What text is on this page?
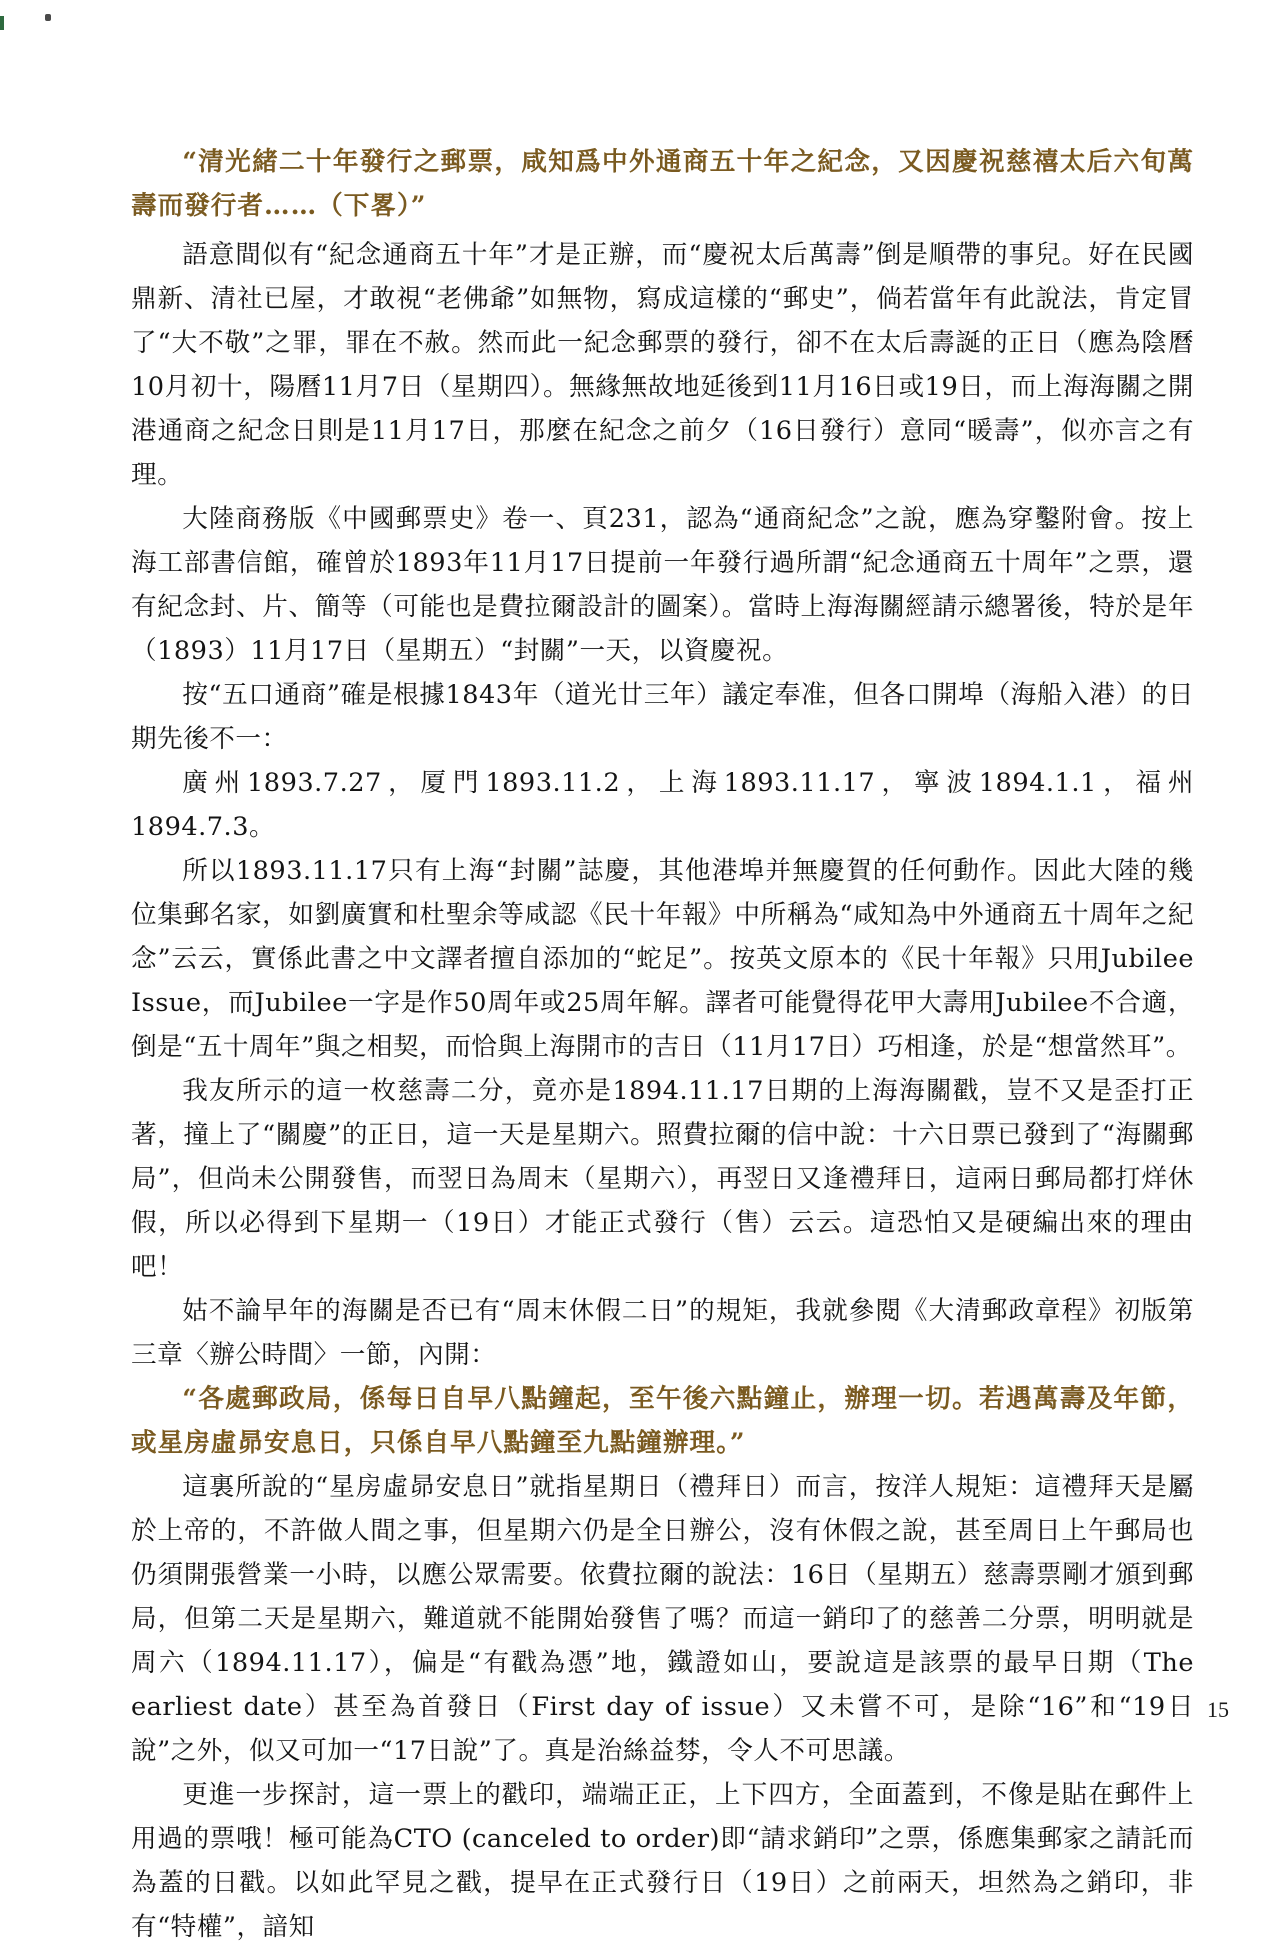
“清光緒二十年發行之郵票，咸知爲中外通商五十年之紀念，又因慶祝慈禧太后六旬萬壽而發行者……（下畧）”

語意間似有“紀念通商五十年”才是正辦，而“慶祝太后萬壽”倒是順帶的事兒。好在民國鼎新、清社已屋，才敢視“老佛爺”如無物，寫成這樣的“郵史”，倘若當年有此說法，肯定冒了“大不敬”之罪，罪在不赦。然而此一紀念郵票的發行，卻不在太后壽誕的正日（應為陰曆10月初十，陽曆11月7日（星期四）。無緣無故地延後到11月16日或19日，而上海海關之開港通商之紀念日則是11月17日，那麼在紀念之前夕（16日發行）意同“暖壽”，似亦言之有理。

大陸商務版《中國郵票史》卷一、頁231，認為“通商紀念”之說，應為穿鑿附會。按上海工部書信館，確曾於1893年11月17日提前一年發行過所謂“紀念通商五十周年”之票，還有紀念封、片、簡等（可能也是費拉爾設計的圖案）。當時上海海關經請示總署後，特於是年（1893）11月17日（星期五）“封關”一天，以資慶祝。

按“五口通商”確是根據1843年（道光廿三年）議定奉准，但各口開埠（海船入港）的日期先後不一：

廣州1893.7.27，厦門1893.11.2，上海1893.11.17，寧波1894.1.1，福州1894.7.3。

所以1893.11.17只有上海“封關”誌慶，其他港埠并無慶賀的任何動作。因此大陸的幾位集郵名家，如劉廣實和杜聖余等咸認《民十年報》中所稱為“咸知為中外通商五十周年之紀念”云云，實係此書之中文譯者擅自添加的“蛇足”。按英文原本的《民十年報》只用Jubilee Issue，而Jubilee一字是作50周年或25周年解。譯者可能覺得花甲大壽用Jubilee不合適，倒是“五十周年”與之相契，而恰與上海開市的吉日（11月17日）巧相逢，於是“想當然耳”。

我友所示的這一枚慈壽二分，竟亦是1894.11.17日期的上海海關戳，豈不又是歪打正著，撞上了“關慶”的正日，這一天是星期六。照費拉爾的信中說：十六日票已發到了“海關郵局”，但尚未公開發售，而翌日為周末（星期六），再翌日又逢禮拜日，這兩日郵局都打烊休假，所以必得到下星期一（19日）才能正式發行（售）云云。這恐怕又是硬編出來的理由吧！

姑不論早年的海關是否已有“周末休假二日”的規矩，我就參閱《大清郵政章程》初版第三章〈辦公時間〉一節，內開：

“各處郵政局，係每日自早八點鐘起，至午後六點鐘止，辦理一切。若遇萬壽及年節，或星房虛昴安息日，只係自早八點鐘至九點鐘辦理。”

這裏所說的“星房虛昴安息日”就指星期日（禮拜日）而言，按洋人規矩：這禮拜天是屬於上帝的，不許做人間之事，但星期六仍是全日辦公，沒有休假之說，甚至周日上午郵局也仍須開張營業一小時，以應公眾需要。依費拉爾的說法：16日（星期五）慈壽票剛才頒到郵局，但第二天是星期六，難道就不能開始發售了嗎？而這一銷印了的慈善二分票，明明就是周六（1894.11.17），偏是“有戳為憑”地，鐵證如山，要說這是該票的最早日期（The earliest date）甚至為首發日（First day of issue）又未嘗不可，是除“16”和“19日說”之外，似又可加一“17日說”了。真是治絲益棼，令人不可思議。

更進一步探討，這一票上的戳印，端端正正，上下四方，全面蓋到，不像是貼在郵件上用過的票哦！極可能為CTO (canceled to order)即“請求銷印”之票，係應集郵家之請託而為蓋的日戳。以如此罕見之戳，提早在正式發行日（19日）之前兩天，坦然為之銷印，非有“特權”，諳知

15
